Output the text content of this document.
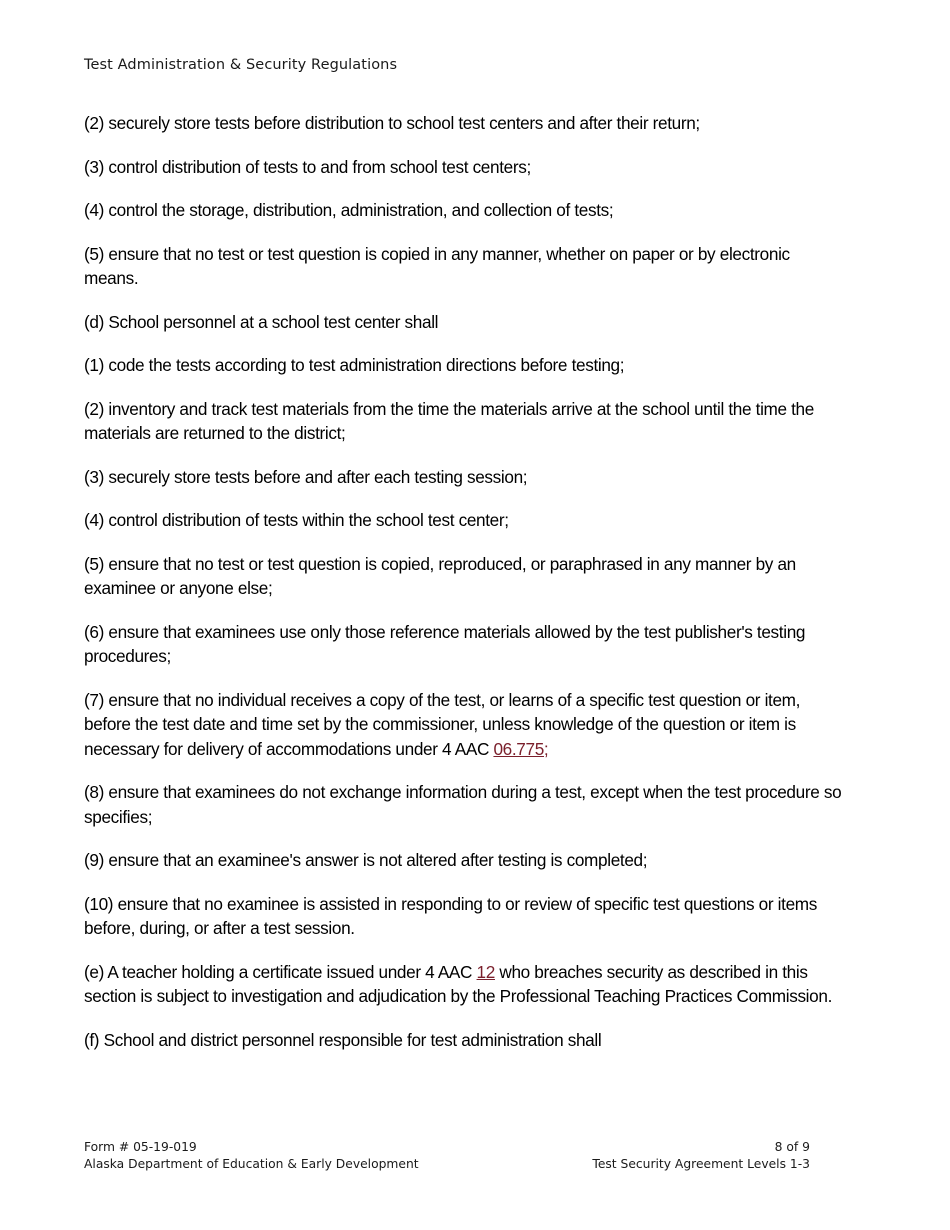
Test Administration & Security Regulations

(2) securely store tests before distribution to school test centers and after their return;

(3) control distribution of tests to and from school test centers;

(4) control the storage, distribution, administration, and collection of tests;

(5) ensure that no test or test question is copied in any manner, whether on paper or by electronic means.

(d) School personnel at a school test center shall

(1) code the tests according to test administration directions before testing;

(2) inventory and track test materials from the time the materials arrive at the school until the time the materials are returned to the district;

(3) securely store tests before and after each testing session;

(4) control distribution of tests within the school test center;

(5) ensure that no test or test question is copied, reproduced, or paraphrased in any manner by an examinee or anyone else;

(6) ensure that examinees use only those reference materials allowed by the test publisher's testing procedures;

(7) ensure that no individual receives a copy of the test, or learns of a specific test question or item, before the test date and time set by the commissioner, unless knowledge of the question or item is necessary for delivery of accommodations under 4 AAC 06.775;

(8) ensure that examinees do not exchange information during a test, except when the test procedure so specifies;

(9) ensure that an examinee's answer is not altered after testing is completed;

(10) ensure that no examinee is assisted in responding to or review of specific test questions or items before, during, or after a test session.

(e) A teacher holding a certificate issued under 4 AAC 12 who breaches security as described in this section is subject to investigation and adjudication by the Professional Teaching Practices Commission.

(f) School and district personnel responsible for test administration shall

Form # 05-19-019
Alaska Department of Education & Early Development
8 of 9
Test Security Agreement Levels 1-3
